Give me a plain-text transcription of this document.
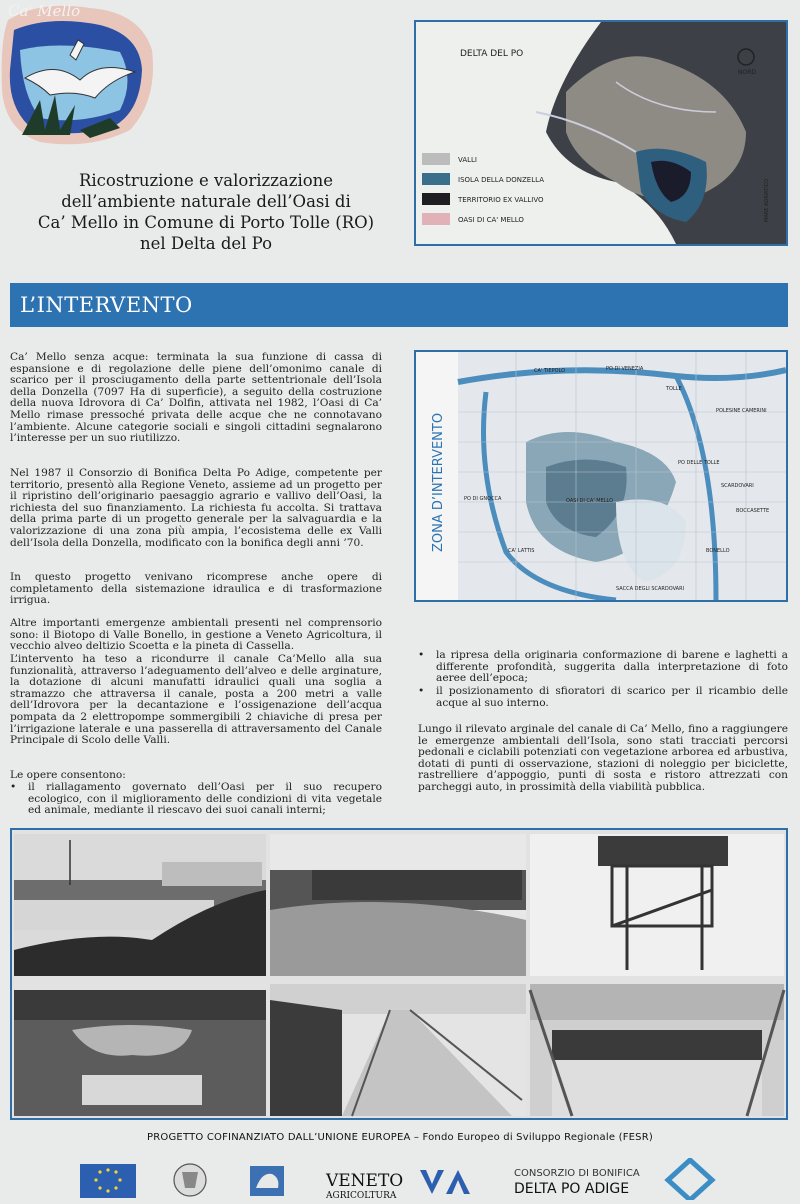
Ca' Mello
Ricostruzione e valorizzazione
dell’ambiente naturale dell’Oasi di
Ca’ Mello in Comune di Porto Tolle (RO)
nel Delta del Po
DELTA DEL PO
NORD
VALLI
ISOLA DELLA DONZELLA
TERRITORIO EX VALLIVO
OASI DI CA' MELLO	MARE ADRIATICO
L’INTERVENTO
ZONA D’INTERVENTO
PO DI VENEZIA
TOLLE
CA' TIEPOLO
OASI DI CA' MELLO
PO DELLE TOLLE
PO DI GNOCCA
BONELLO
SACCA DEGLI SCARDOVARI
CA' LATTIS
SCARDOVARI
BOCCASETTE
POLESINE CAMERINI
Ca’ Mello senza acque: terminata la sua funzione di cassa di espansione e di regolazione delle piene dell’omonimo canale di scarico per il prosciugamento della parte settentrionale dell’Isola della Donzella (7097 Ha di superficie), a seguito della costruzione della nuova Idrovora di Ca’ Dolfin, attivata nel 1982, l’Oasi di Ca’ Mello rimase pressoché privata delle acque che ne connotavano l’ambiente. Alcune categorie sociali e singoli cittadini segnalarono l’interesse per un suo riutilizzo.
Nel 1987 il Consorzio di Bonifica Delta Po Adige, competente per territorio, presentò alla Regione Veneto, assieme ad un progetto per il ripristino dell’originario paesaggio agrario e vallivo dell’Oasi, la richiesta del suo finanziamento. La richiesta fu accolta. Si trattava della prima parte di un progetto generale per la salvaguardia e la valorizzazione di una zona più ampia, l’ecosistema delle ex Valli dell’Isola della Donzella, modificato con la bonifica degli anni ’70.
In questo progetto venivano ricomprese anche opere di completamento della sistemazione idraulica e di trasformazione irrigua.
Altre importanti emergenze ambientali presenti nel comprensorio sono: il Biotopo di Valle Bonello, in gestione a Veneto Agricoltura, il vecchio alveo deltizio Scoetta e la pineta di Cassella.
L’intervento ha teso a ricondurre il canale Ca’Mello alla sua funzionalità, attraverso l’adeguamento dell’alveo e delle arginature, la dotazione di alcuni manufatti idraulici quali una soglia a stramazzo che attraversa il canale, posta a 200 metri a valle dell’Idrovora per la decantazione e l’ossigenazione dell’acqua pompata da 2 elettropompe sommergibili 2 chiaviche di presa per l’irrigazione laterale e una passerella di attraversamento del Canale Principale di Scolo delle Valli.
Le opere consentono:
•	il riallagamento governato dell’Oasi per il suo recupero ecologico, con il miglioramento delle condizioni di vita vegetale ed animale, mediante il riescavo dei suoi canali interni;
•	la ripresa della originaria conformazione di barene e laghetti a differente profondità, suggerita dalla interpretazione di foto aeree dell’epoca;
•	il posizionamento di sfioratori di scarico per il ricambio delle acque al suo interno.
Lungo il rilevato arginale del canale di Ca’ Mello, fino a raggiungere le emergenze ambientali dell’Isola, sono stati tracciati percorsi pedonali e ciclabili potenziati con vegetazione arborea ed arbustiva, dotati di punti di osservazione, stazioni di noleggio per biciclette, rastrelliere d’appoggio, punti di sosta e ristoro attrezzati con parcheggi auto, in prossimità della viabilità pubblica.
PROGETTO COFINANZIATO DALL’UNIONE EUROPEA – Fondo Europeo di Sviluppo Regionale (FESR)
VENETO
AGRICOLTURA
CONSORZIO DI BONIFICA
DELTA PO ADIGE
